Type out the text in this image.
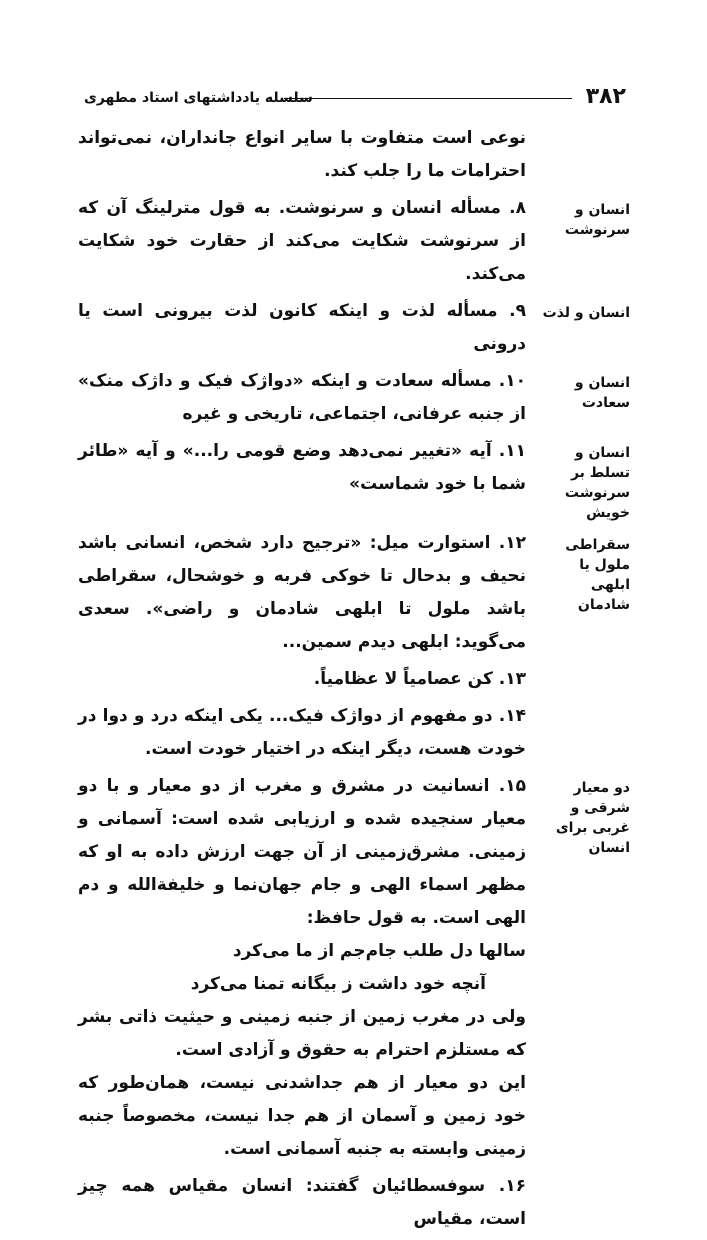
۳۸۲
سلسله یادداشتهای استاد مطهری

نوعی است متفاوت با سایر انواع جانداران، نمی‌تواند احترامات ما را جلب کند.

انسان و سرنوشت

۸. مسأله انسان و سرنوشت. به قول مترلینگ آن که از سرنوشت شکایت می‌کند از حقارت خود شکایت می‌کند.

انسان و لذت

۹. مسأله لذت و اینکه کانون لذت بیرونی است یا درونی

انسان و سعادت

۱۰. مسأله سعادت و اینکه «دواژک فیک و داژک منک» از جنبه عرفانی، اجتماعی، تاریخی و غیره

انسان و تسلط بر سرنوشت خویش

۱۱. آیه «تغییر نمی‌دهد وضع قومی را...» و آیه «طائر شما با خود شماست»

سقراطی ملول یا ابلهی شادمان

۱۲. استوارت میل: «ترجیح دارد شخص، انسانی باشد نحیف و بدحال تا خوکی فربه و خوشحال، سقراطی باشد ملول تا ابلهی شادمان و راضی». سعدی می‌گوید: ابلهی دیدم سمین...

۱۳. کن عصامیاً لا عظامیاً.

۱۴. دو مفهوم از دواژک فیک... یکی اینکه درد و دوا در خودت هست، دیگر اینکه در اختیار خودت است.

دو معیار شرقی و غربی برای انسان

۱۵. انسانیت در مشرق و مغرب از دو معیار و با دو معیار سنجیده شده و ارزیابی شده است: آسمانی و زمینی. مشرق‌زمینی از آن جهت ارزش داده به او که مظهر اسماء الهی و جام جهان‌نما و خلیفةالله و دم الهی است. به قول حافظ:

سالها دل طلب جام‌جم از ما می‌کرد
آنچه خود داشت ز بیگانه تمنا می‌کرد

ولی در مغرب زمین از جنبه زمینی و حیثیت ذاتی بشر که مستلزم احترام به حقوق و آزادی است.

این دو معیار از هم جداشدنی نیست، همان‌طور که خود زمین و آسمان از هم جدا نیست، مخصوصاً جنبه زمینی وابسته به جنبه آسمانی است.

۱۶. سوفسطائیان گفتند: انسان مقیاس همه چیز است، مقیاس
